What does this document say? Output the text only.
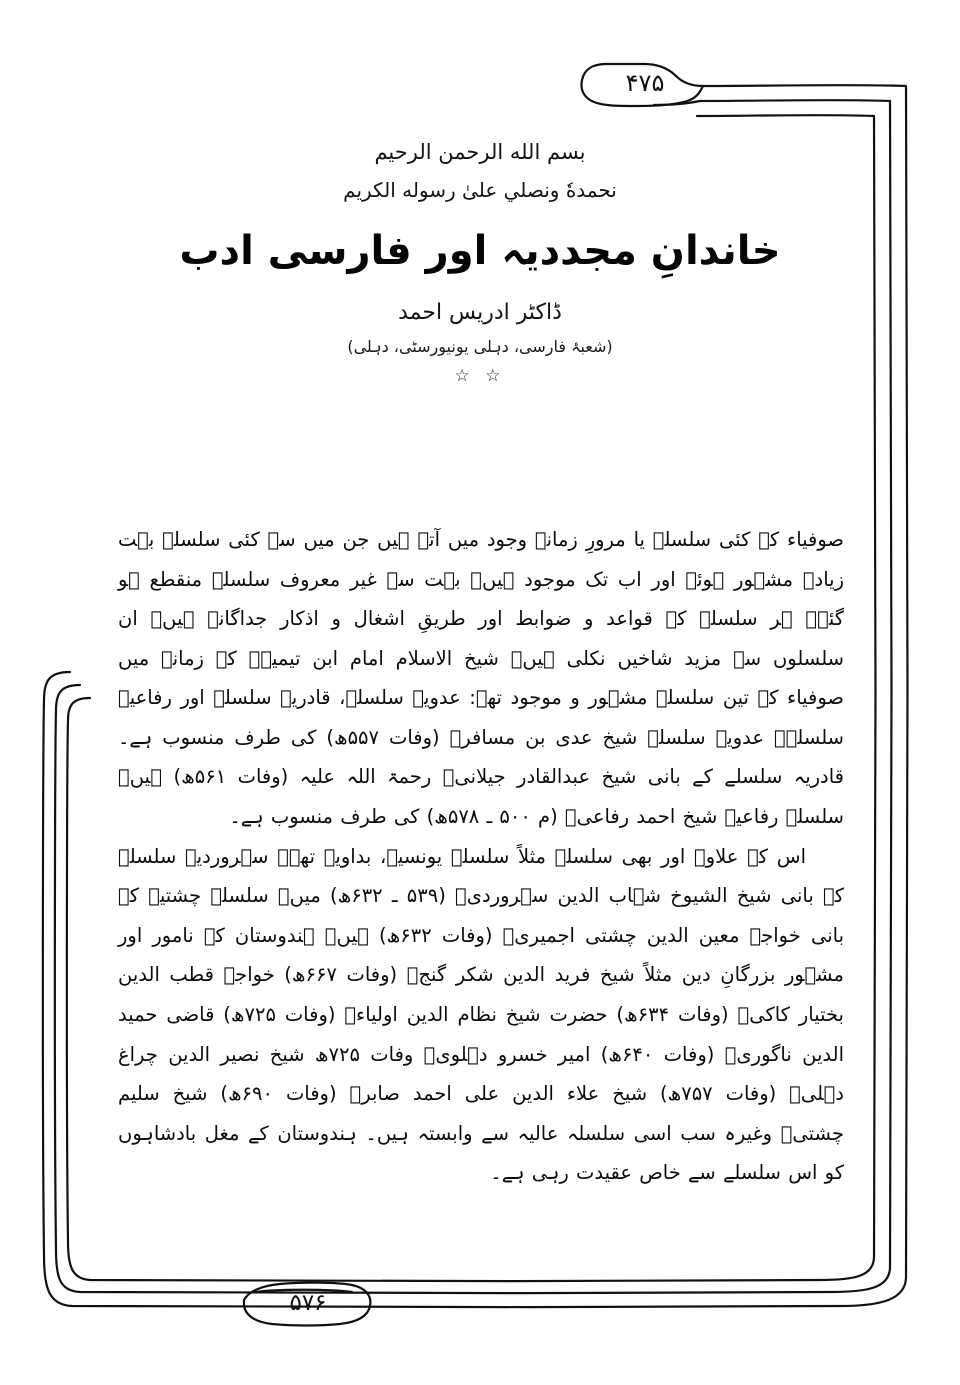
۴۷۵
بسم الله الرحمن الرحيم
نحمدهٗ ونصلي علىٰ رسوله الكريم
خاندانِ مجددیہ اور فارسی ادب
ڈاکٹر ادریس احمد
(شعبۂ فارسی، دہلی یونیورسٹی، دہلی)
☆ ☆

صوفیاء کے کئی سلسلے یا مرورِ زمانہ وجود میں آتے ہیں جن میں سے کئی سلسلے بہت زیادہ مشہور ہوئے اور اب تک موجود ہیں۔ بہت سے غیر معروف سلسلے منقطع ہو گئے۔ ہر سلسلے کے قواعد و ضوابط اور طریقِ اشغال و اذکار جداگانہ ہیں۔ ان سلسلوں سے مزید شاخیں نکلی ہیں۔ شیخ الاسلام امام ابن تیمیہؒ کے زمانے میں صوفیاء کے تین سلسلے مشہور و موجود تھے: عدویہ سلسلہ، قادریہ سلسلہ اور رفاعیہ سلسلہ۔ عدویہ سلسلہ شیخ عدی بن مسافرؒ (وفات ۵۵۷ھ) کی طرف منسوب ہے۔ قادریہ سلسلے کے بانی شیخ عبدالقادر جیلانیؒ رحمۃ اللہ علیہ (وفات ۵۶۱ھ) ہیں۔ سلسلہ رفاعیہ شیخ احمد رفاعیؒ (م ۵۰۰ ـ ۵۷۸ھ) کی طرف منسوب ہے۔

اس کے علاوہ اور بھی سلسلے مثلاً سلسلہ یونسیہ، بداویہ تھے۔ سہروردیہ سلسلے کے بانی شیخ الشیوخ شہاب الدین سہروردیؒ (۵۳۹ ـ ۶۳۲ھ) میں۔ سلسلہ چشتیہ کے بانی خواجہ معین الدین چشتی اجمیریؒ (وفات ۶۳۲ھ) ہیں۔ ہندوستان کے نامور اور مشہور بزرگانِ دین مثلاً شیخ فرید الدین شکر گنجؒ (وفات ۶۶۷ھ) خواجہ قطب الدین بختیار کاکیؒ (وفات ۶۳۴ھ) حضرت شیخ نظام الدین اولیاءؒ (وفات ۷۲۵ھ) قاضی حمید الدین ناگوریؒ (وفات ۶۴۰ھ) امیر خسرو دہلویؒ وفات ۷۲۵ھ شیخ نصیر الدین چراغ دہلیؒ (وفات ۷۵۷ھ) شیخ علاء الدین علی احمد صابرؒ (وفات ۶۹۰ھ) شیخ سلیم چشتیؒ وغیرہ سب اسی سلسلہ عالیہ سے وابستہ ہیں۔ ہندوستان کے مغل بادشاہوں کو اس سلسلے سے خاص عقیدت رہی ہے۔

۵۷۶
